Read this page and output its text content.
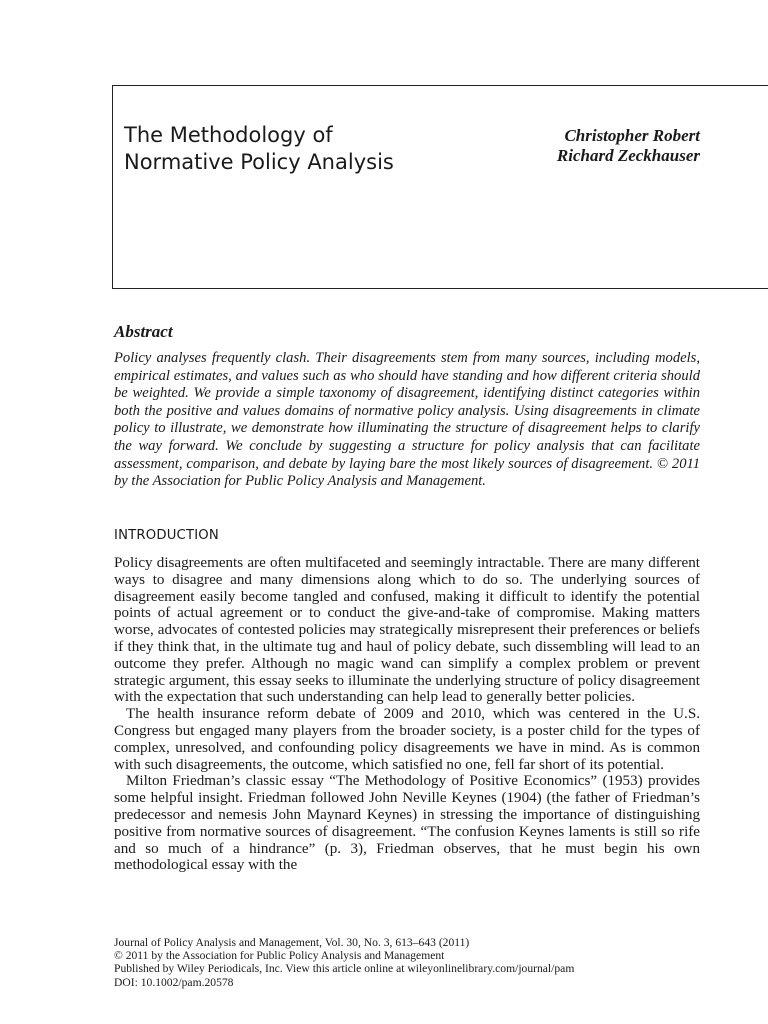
The Methodology of
Normative Policy Analysis
Christopher Robert
Richard Zeckhauser
Abstract

Policy analyses frequently clash. Their disagreements stem from many sources, including models, empirical estimates, and values such as who should have standing and how different criteria should be weighted. We provide a simple taxonomy of disagreement, identifying distinct categories within both the positive and values domains of normative policy analysis. Using disagreements in climate policy to illustrate, we demonstrate how illuminating the structure of disagreement helps to clarify the way forward. We conclude by suggesting a structure for policy analysis that can facilitate assessment, comparison, and debate by laying bare the most likely sources of disagreement. © 2011 by the Association for Public Policy Analysis and Management.

INTRODUCTION

Policy disagreements are often multifaceted and seemingly intractable. There are many different ways to disagree and many dimensions along which to do so. The underlying sources of disagreement easily become tangled and confused, making it difficult to identify the potential points of actual agreement or to conduct the give-and-take of compromise. Making matters worse, advocates of contested policies may strategically misrepresent their preferences or beliefs if they think that, in the ultimate tug and haul of policy debate, such dissembling will lead to an outcome they prefer. Although no magic wand can simplify a complex problem or prevent strategic argument, this essay seeks to illuminate the underlying structure of policy disagreement with the expectation that such understanding can help lead to generally better policies.

The health insurance reform debate of 2009 and 2010, which was centered in the U.S. Congress but engaged many players from the broader society, is a poster child for the types of complex, unresolved, and confounding policy disagreements we have in mind. As is common with such disagreements, the outcome, which satisfied no one, fell far short of its potential.

Milton Friedman’s classic essay “The Methodology of Positive Economics” (1953) provides some helpful insight. Friedman followed John Neville Keynes (1904) (the father of Friedman’s predecessor and nemesis John Maynard Keynes) in stressing the importance of distinguishing positive from normative sources of disagreement. “The confusion Keynes laments is still so rife and so much of a hindrance” (p. 3), Friedman observes, that he must begin his own methodological essay with the

Journal of Policy Analysis and Management, Vol. 30, No. 3, 613–643 (2011)
© 2011 by the Association for Public Policy Analysis and Management
Published by Wiley Periodicals, Inc. View this article online at wileyonlinelibrary.com/journal/pam
DOI: 10.1002/pam.20578
